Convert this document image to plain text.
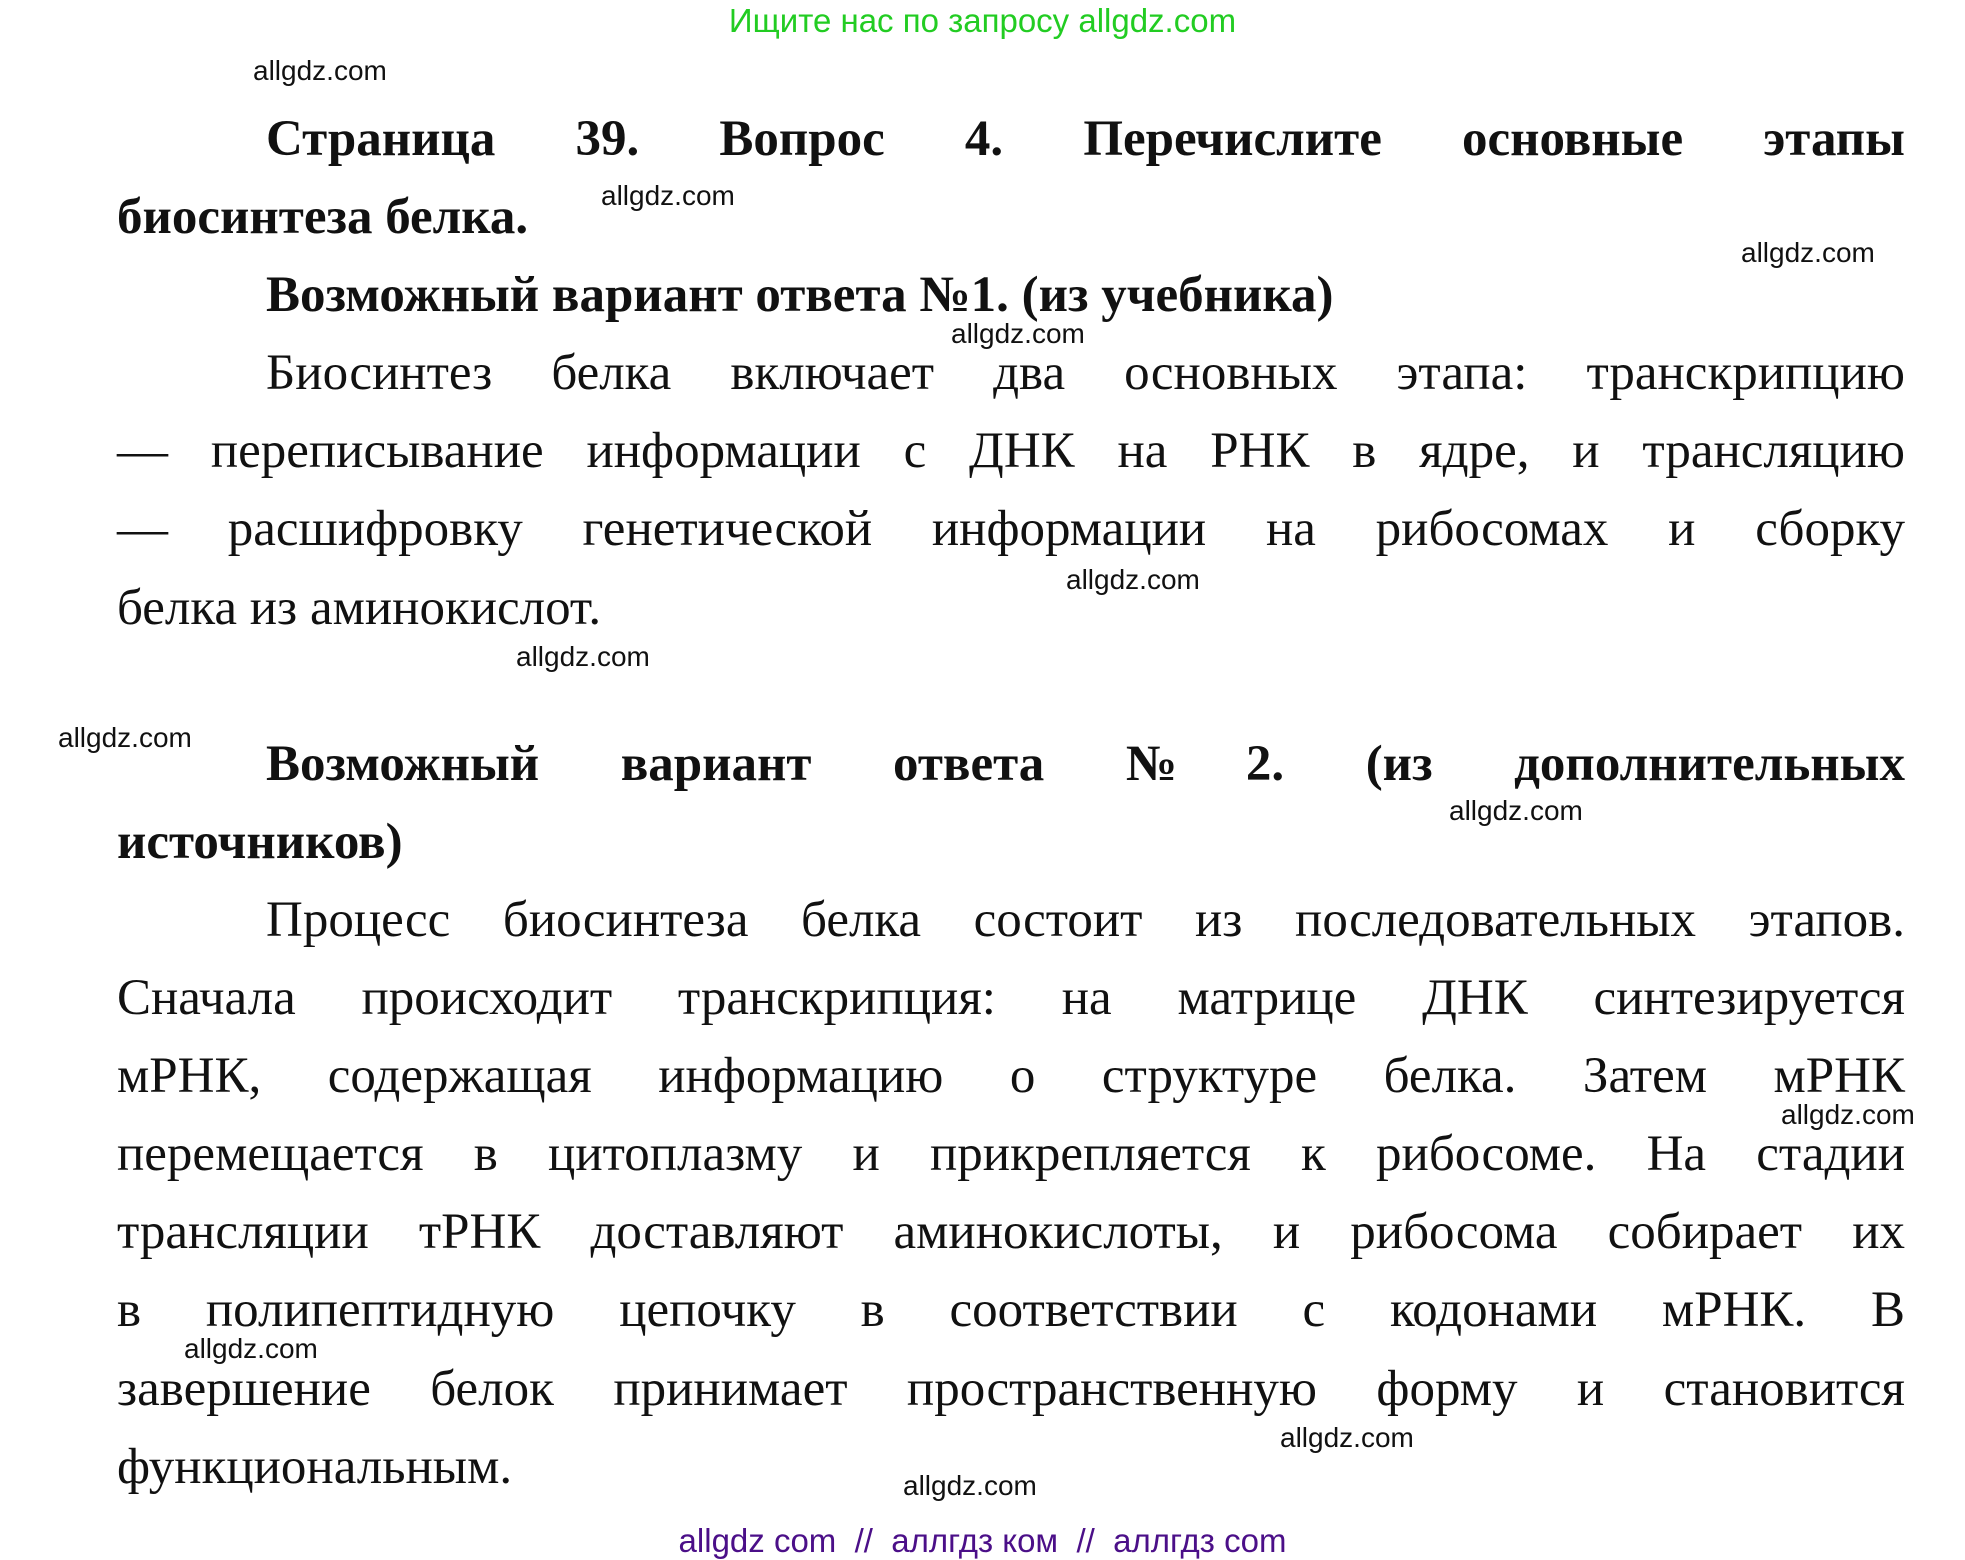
Ищите нас по запросу allgdz.com
Страница 39. Вопрос 4. Перечислите основные этапы
биосинтеза белка.
Возможный вариант ответа №1. (из учебника)
Биосинтез белка включает два основных этапа: транскрипцию
— переписывание информации с ДНК на РНК в ядре, и трансляцию
— расшифровку генетической информации на рибосомах и сборку
белка из аминокислот.
Возможный вариант ответа №2. (из дополнительных
источников)
Процесс биосинтеза белка состоит из последовательных этапов.
Сначала происходит транскрипция: на матрице ДНК синтезируется
мРНК, содержащая информацию о структуре белка. Затем мРНК
перемещается в цитоплазму и прикрепляется к рибосоме. На стадии
трансляции тРНК доставляют аминокислоты, и рибосома собирает их
в полипептидную цепочку в соответствии с кодонами мРНК. В
завершение белок принимает пространственную форму и становится
функциональным.
allgdz.com
allgdz.com
allgdz.com
allgdz.com
allgdz.com
allgdz.com
allgdz.com
allgdz.com
allgdz.com
allgdz.com
allgdz.com
allgdz.com
allgdz com  //  аллгдз ком  //  аллгдз com
